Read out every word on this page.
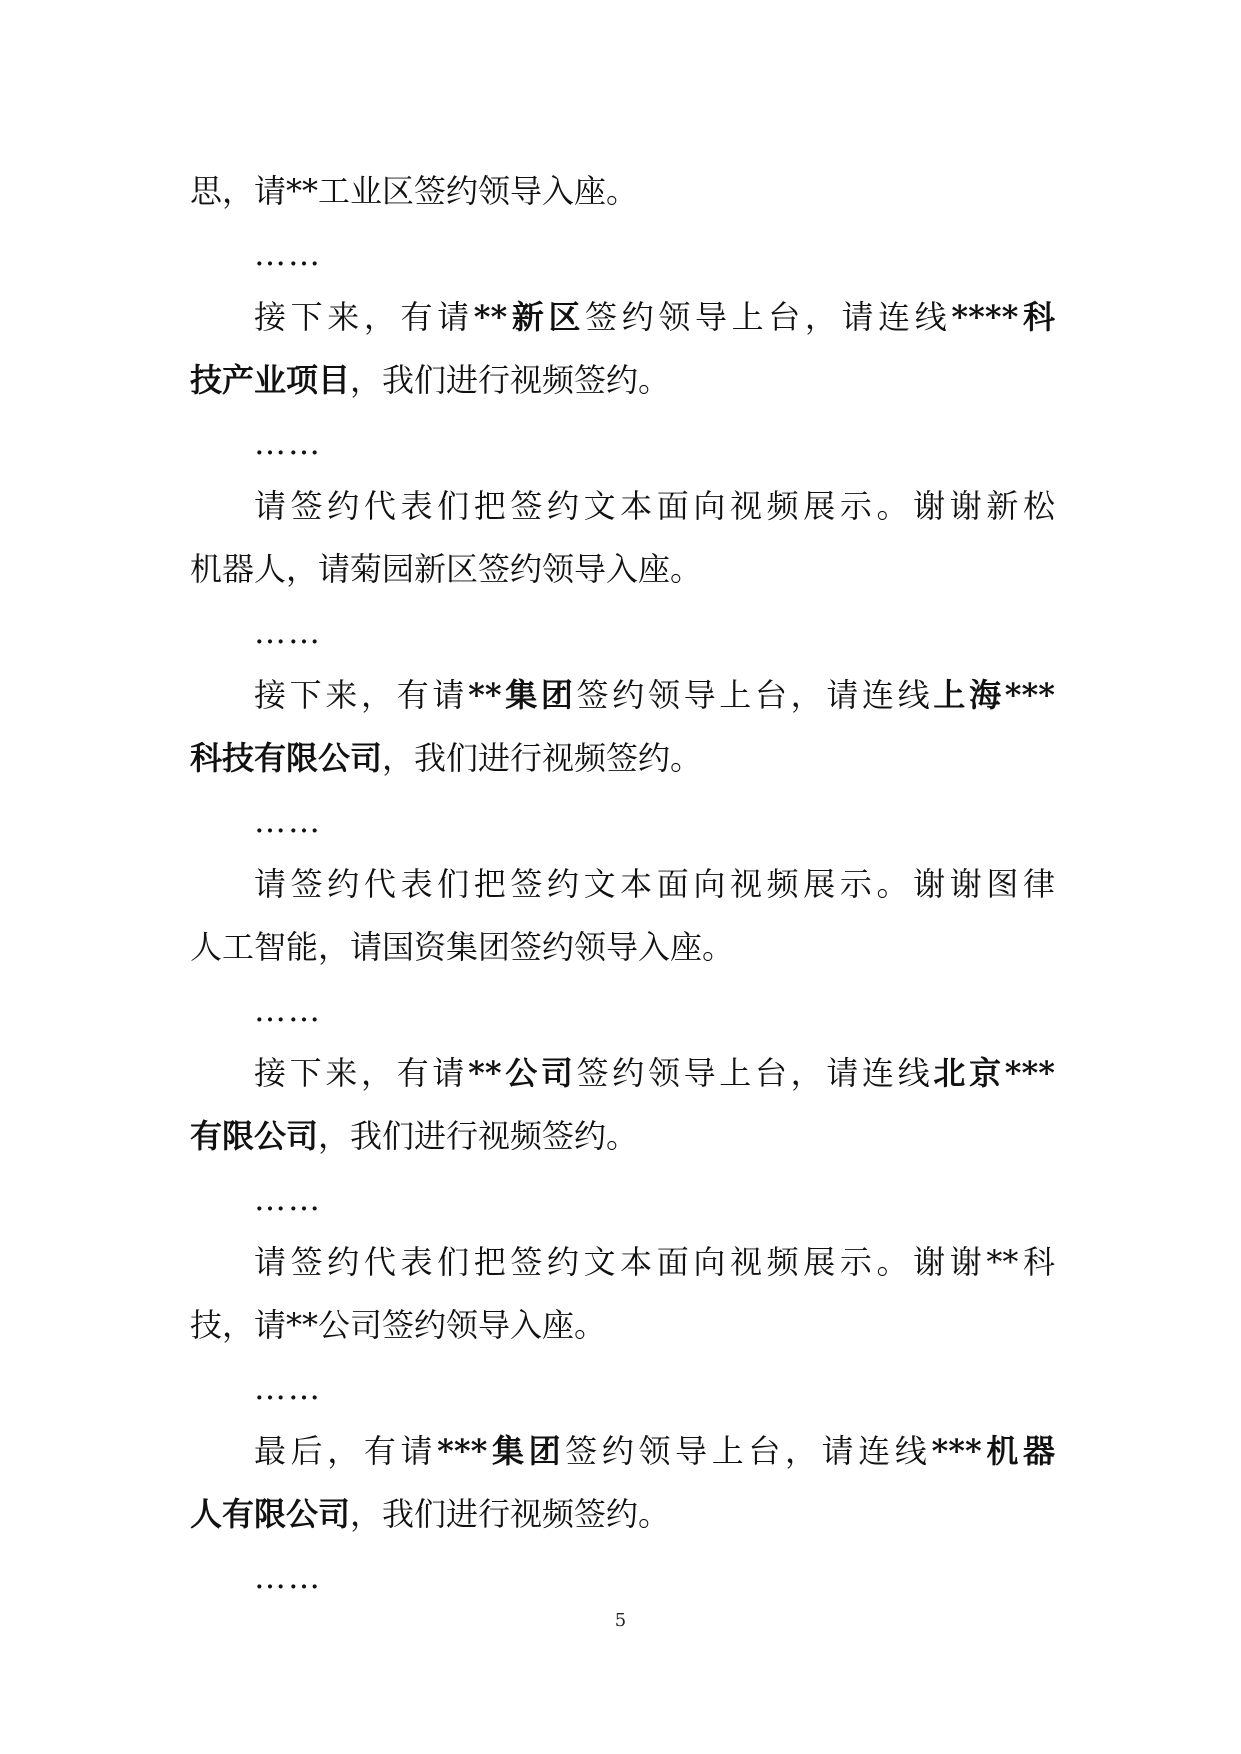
思，请**工业区签约领导入座。
……
接下来，有请**新区签约领导上台，请连线****科
技产业项目，我们进行视频签约。
……
请签约代表们把签约文本面向视频展示。谢谢新松
机器人，请菊园新区签约领导入座。
……
接下来，有请**集团签约领导上台，请连线上海***
科技有限公司，我们进行视频签约。
……
请签约代表们把签约文本面向视频展示。谢谢图律
人工智能，请国资集团签约领导入座。
……
接下来，有请**公司签约领导上台，请连线北京***
有限公司，我们进行视频签约。
……
请签约代表们把签约文本面向视频展示。谢谢**科
技，请**公司签约领导入座。
……
最后，有请***集团签约领导上台，请连线***机器
人有限公司，我们进行视频签约。
……
5
